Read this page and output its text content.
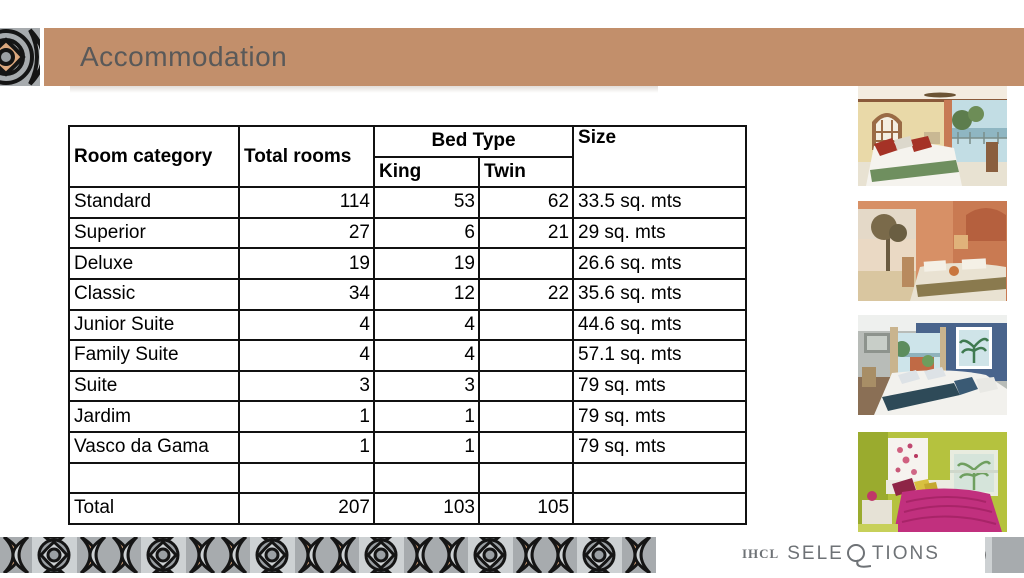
Accommodation
Room category	Total rooms	Bed Type		Size
		King	Twin	
Standard	114	53	62	33.5 sq. mts
Superior	27	6	21	29 sq. mts
Deluxe	19	19		26.6 sq. mts
Classic	34	12	22	35.6 sq. mts
Junior Suite	4	4		44.6 sq. mts
Family Suite	4	4		57.1 sq. mts
Suite	3	3		79 sq. mts
Jardim	1	1		79 sq. mts
Vasco da Gama	1	1		79 sq. mts

Total	207	103	105	
IHCL SELE TIONS
